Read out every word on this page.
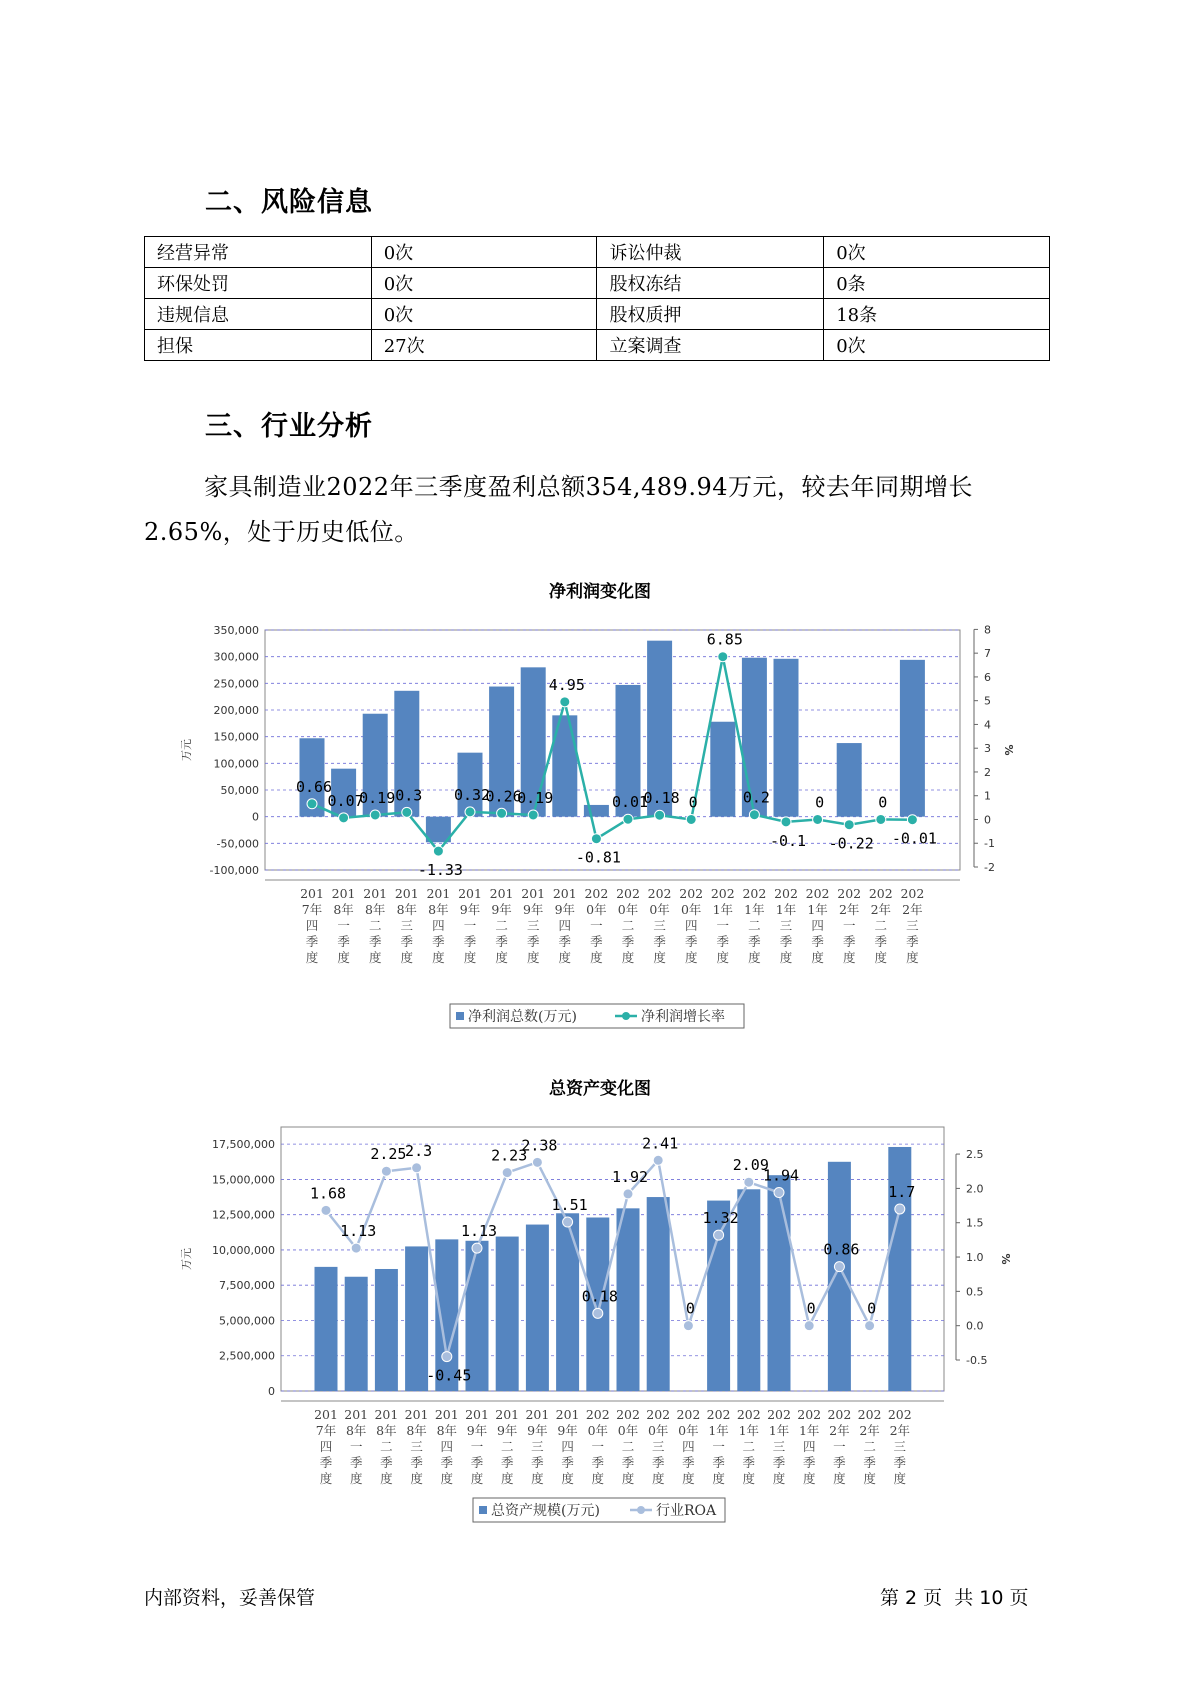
二、风险信息
经营异常	0次	诉讼仲裁	0次
环保处罚	0次	股权冻结	0条
违规信息	0次	股权质押	18条
担保	27次	立案调查	0次
三、行业分析
家具制造业2022年三季度盈利总额354,489.94万元，较去年同期增长2.65%，处于历史低位。
净利润变化图
-100,000
-50,000
0
50,000
100,000
150,000
200,000
250,000
300,000
350,000
-2
-1
0
1
2
3
4
5
6
7
8
万元	%
201
7年
四
季
度
201
8年
一
季
度
201
8年
二
季
度
201
8年
三
季
度
201
8年
四
季
度
201
9年
一
季
度
201
9年
二
季
度
201
9年
三
季
度
201
9年
四
季
度
202
0年
一
季
度
202
0年
二
季
度
202
0年
三
季
度
202
0年
四
季
度
202
1年
一
季
度
202
1年
二
季
度
202
1年
三
季
度
202
1年
四
季
度
202
2年
一
季
度
202
2年
二
季
度
202
2年
三
季
度
0.66
0.07
0.19 0.3
-1.33
0.32
0.26
0.19
4.95
-0.81
0.01
0.18 0
6.85
0.2
-0.1
0
-0.22
0
-0.01
净利润总数(万元)	净利润增长率
总资产变化图
0
2,500,000
5,000,000
7,500,000
10,000,000
12,500,000
15,000,000
17,500,000
-0.5
0.0
0.5
1.0
1.5
2.0
2.5
万元	%
201
7年
四
季
度
201
8年
一
季
度
201
8年
二
季
度
201
8年
三
季
度
201
8年
四
季
度
201
9年
一
季
度
201
9年
二
季
度
201
9年
三
季
度
201
9年
四
季
度
202
0年
一
季
度
202
0年
二
季
度
202
0年
三
季
度
202
0年
四
季
度
202
1年
一
季
度
202
1年
二
季
度
202
1年
三
季
度
202
1年
四
季
度
202
2年
一
季
度
202
2年
二
季
度
202
2年
三
季
度
1.68
1.13
2.25
2.3
-0.45
1.13
2.23
2.38
1.51
0.18
1.92
2.41
0
1.32
2.09
1.94
0
0.86
0
1.7
总资产规模(万元)	行业ROA
内部资料，妥善保管	第 2 页  共 10 页
